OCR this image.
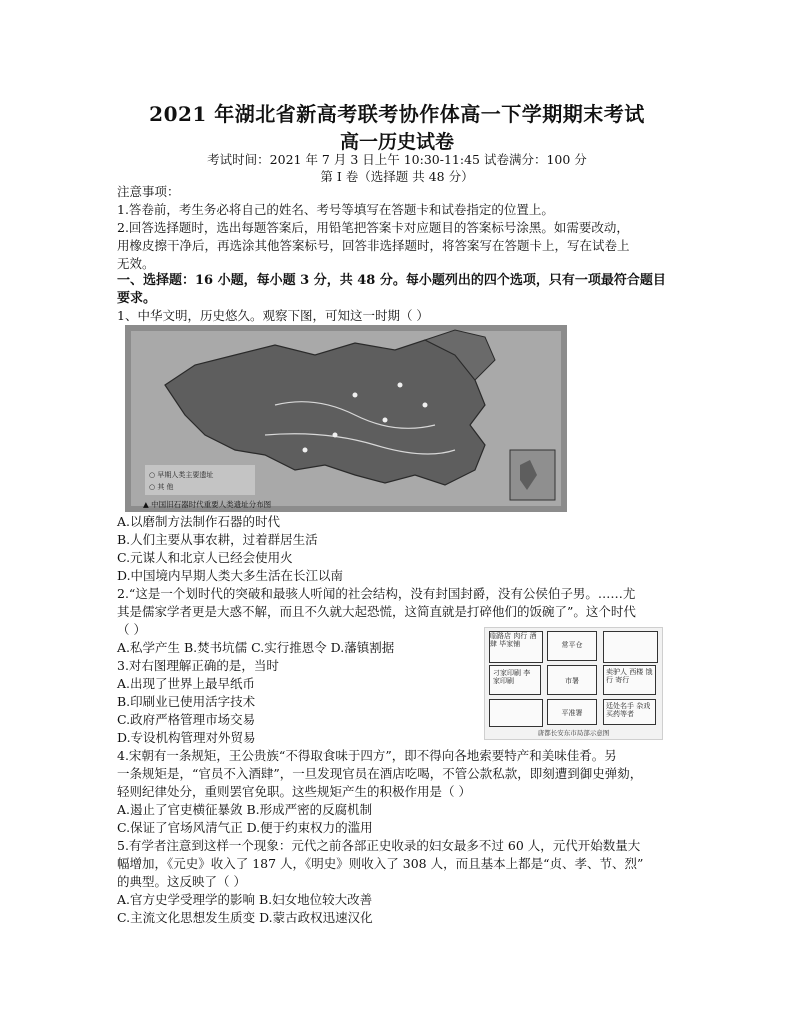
2021 年湖北省新高考联考协作体高一下学期期末考试
高一历史试卷
考试时间：2021 年 7 月 3 日上午 10:30-11:45 试卷满分：100 分
第 I 卷（选择题 共 48 分）
注意事项：
1.答卷前，考生务必将自己的姓名、考号等填写在答题卡和试卷指定的位置上。
2.回答选择题时，选出每题答案后，用铅笔把答案卡对应题目的答案标号涂黑。如需要改动，
用橡皮擦干净后，再选涂其他答案标号，回答非选择题时，将答案写在答题卡上，写在试卷上
无效。
一、选择题：16 小题，每小题 3 分，共 48 分。每小题列出的四个选项，只有一项最符合题目
要求。
1、中华文明，历史悠久。观察下图，可知这一时期（ ）
○ 早期人类主要遗址
○ 其 他
▲ 中国旧石器时代重要人类遗址分布图
A.以磨制方法制作石器的时代
B.人们主要从事农耕，过着群居生活
C.元谋人和北京人已经会使用火
D.中国境内早期人类大多生活在长江以南
2.“这是一个划时代的突破和最骇人听闻的社会结构，没有封国封爵，没有公侯伯子男。……尤
其是儒家学者更是大惑不解，而且不久就大起恐慌，这简直就是打碎他们的饭碗了”。这个时代
（ ）
A.私学产生 B.焚书坑儒 C.实行推恩令 D.藩镇割据
3.对右图理解正确的是，当时
A.出现了世界上最早纸币
B.印刷业已使用活字技术
C.政府严格管理市场交易
D.专设机构管理对外贸易
临路店 肉行 酒肆 毕家铺	常平仓
刁家印刷 李家印刷	市署
卖驴人 西楼 饿行 寄行
平准署
廷处名手 杂戏 买药等者
唐都长安东市局部示意图
4.宋朝有一条规矩，王公贵族“不得取食味于四方”，即不得向各地索要特产和美味佳肴。另
一条规矩是，“官员不入酒肆”，一旦发现官员在酒店吃喝，不管公款私款，即刻遭到御史弹劾，
轻则纪律处分，重则罢官免职。这些规矩产生的积极作用是（ ）
A.遏止了官吏横征暴敛 B.形成严密的反腐机制
C.保证了官场风清气正 D.便于约束权力的滥用
5.有学者注意到这样一个现象：元代之前各部正史收录的妇女最多不过 60 人，元代开始数量大
幅增加，《元史》收入了 187 人，《明史》则收入了 308 人，而且基本上都是“贞、孝、节、烈”
的典型。这反映了（ ）
A.官方史学受理学的影响 B.妇女地位较大改善
C.主流文化思想发生质变 D.蒙古政权迅速汉化
